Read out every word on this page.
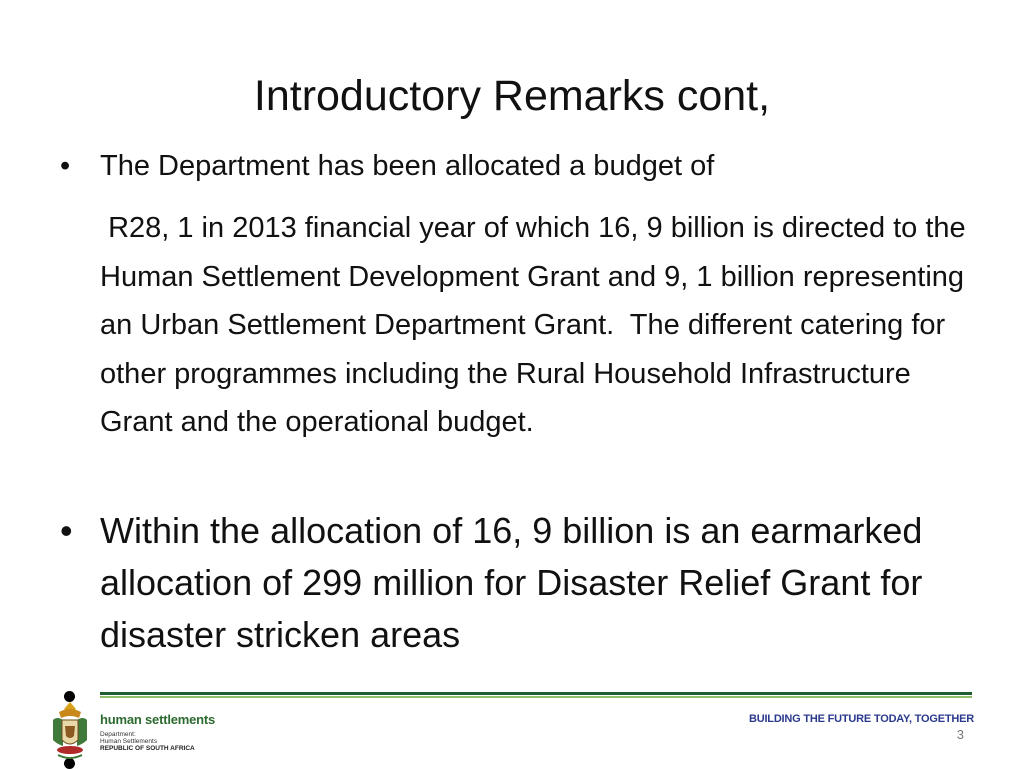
Introductory Remarks cont,
• The Department has been allocated a budget of
R28, 1 in 2013 financial year of which 16, 9 billion is directed to the Human Settlement Development Grant and 9, 1 billion representing an Urban Settlement Department Grant.  The different catering for other programmes including the Rural Household Infrastructure Grant and the operational budget.
• Within the allocation of 16, 9 billion is an earmarked allocation of 299 million for Disaster Relief Grant for disaster stricken areas
human settlements
Department:
Human Settlements
REPUBLIC OF SOUTH AFRICA
BUILDING THE FUTURE TODAY, TOGETHER
3
